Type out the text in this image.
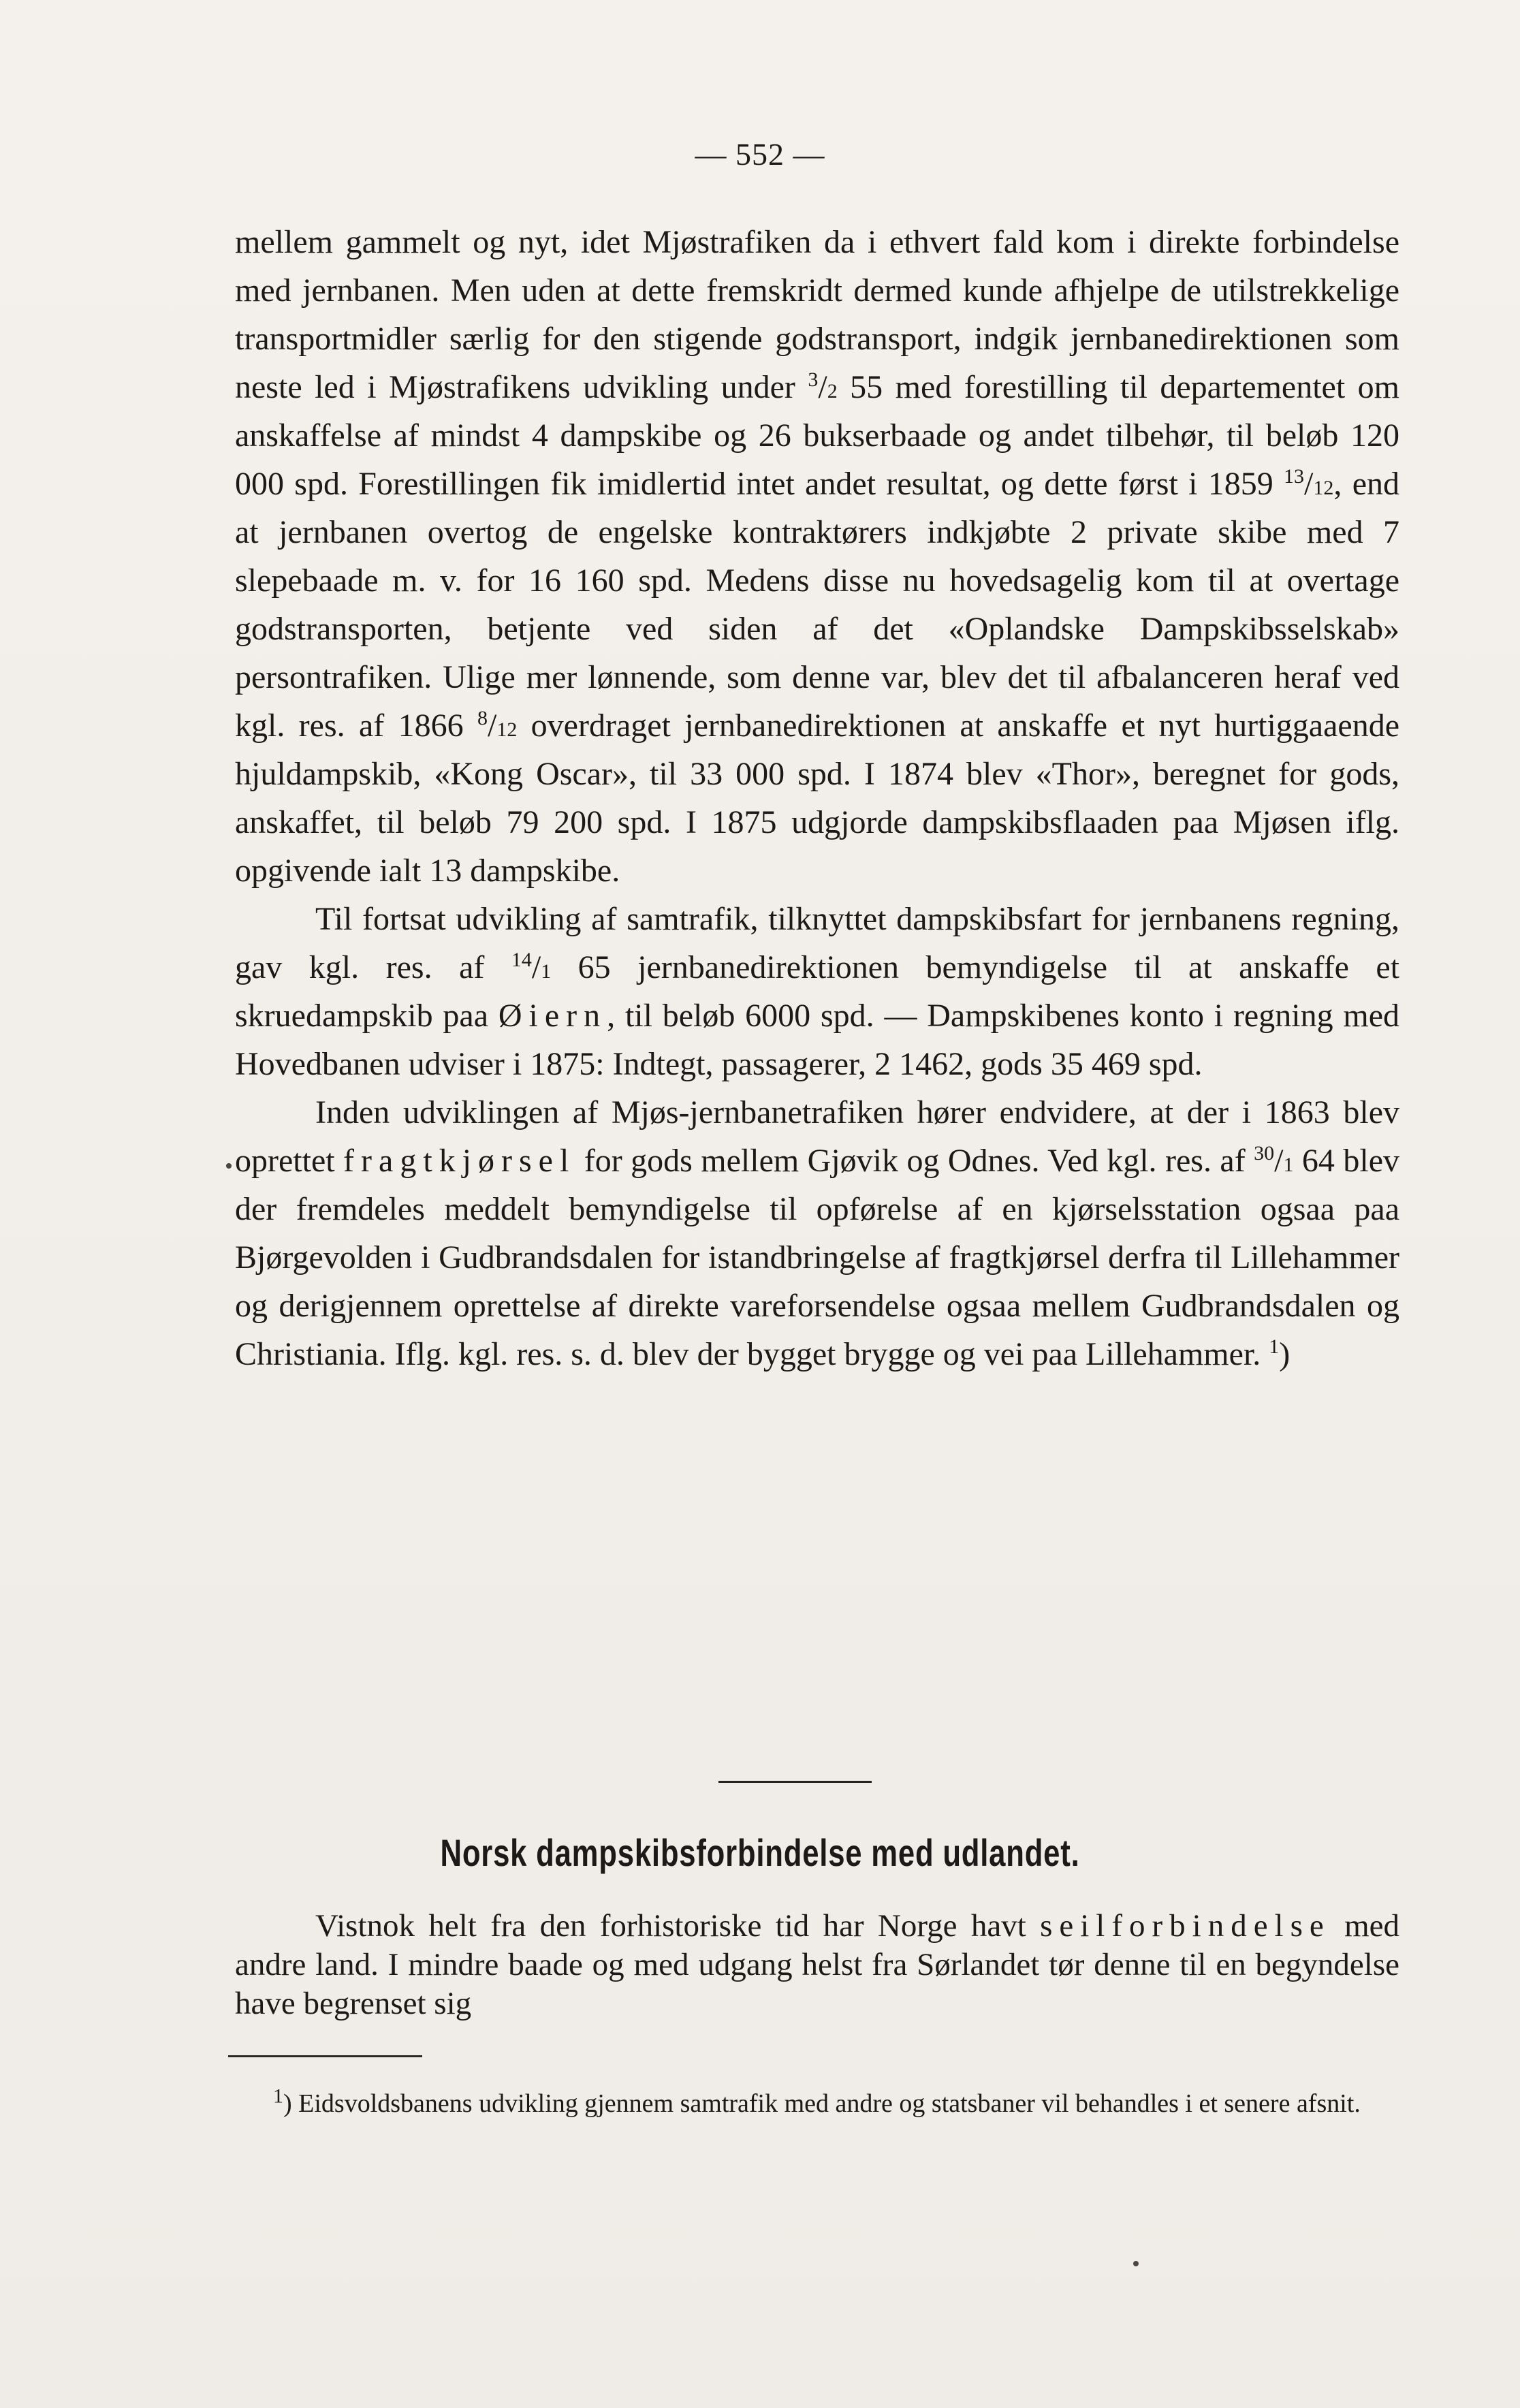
— 552 —

mellem gammelt og nyt, idet Mjøstrafiken da i ethvert fald kom i direkte forbindelse med jernbanen. Men uden at dette fremskridt dermed kunde afhjelpe de utilstrekkelige transportmidler særlig for den stigende godstransport, indgik jernbanedirektionen som neste led i Mjøstrafikens udvikling under $^3$/2 55 med forestilling til departementet om anskaffelse af mindst 4 dampskibe og 26 bukserbaade og andet tilbehør, til beløb 120 000 spd. Forestillingen fik imidlertid intet andet resultat, og dette først i 1859 $^{13}$/12, end at jernbanen overtog de engelske kontraktørers indkjøbte 2 private skibe med 7 slepebaade m. v. for 16 160 spd. Medens disse nu hovedsagelig kom til at overtage godstransporten, betjente ved siden af det «Oplandske Dampskibsselskab» persontrafiken. Ulige mer lønnende, som denne var, blev det til afbalanceren heraf ved kgl. res. af 1866 $^8$/12 overdraget jernbanedirektionen at anskaffe et nyt hurtiggaaende hjuldampskib, «Kong Oscar», til 33 000 spd. I 1874 blev «Thor», beregnet for gods, anskaffet, til beløb 79 200 spd. I 1875 udgjorde dampskibsflaaden paa Mjøsen iflg. opgivende ialt 13 dampskibe.

Til fortsat udvikling af samtrafik, tilknyttet dampskibsfart for jernbanens regning, gav kgl. res. af $^{14}$/1 65 jernbanedirektionen bemyndigelse til at anskaffe et skruedampskib paa Øiern, til beløb 6000 spd. — Dampskibenes konto i regning med Hovedbanen udviser i 1875: Indtegt, passagerer, 2 1462, gods 35 469 spd.

Inden udviklingen af Mjøs-jernbanetrafiken hører endvidere, at der i 1863 blev oprettet fragtkjørsel for gods mellem Gjøvik og Odnes. Ved kgl. res. af $^{30}$/1 64 blev der fremdeles meddelt bemyndigelse til opførelse af en kjørselsstation ogsaa paa Bjørgevolden i Gudbrandsdalen for istandbringelse af fragtkjørsel derfra til Lillehammer og derigjennem oprettelse af direkte vareforsendelse ogsaa mellem Gudbrandsdalen og Christiania. Iflg. kgl. res. s. d. blev der bygget brygge og vei paa Lillehammer. $^1$)

Norsk dampskibsforbindelse med udlandet.

Vistnok helt fra den forhistoriske tid har Norge havt seilforbindelse med andre land. I mindre baade og med udgang helst fra Sørlandet tør denne til en begyndelse have begrenset sig

$^1$) Eidsvoldsbanens udvikling gjennem samtrafik med andre og statsbaner vil behandles i et senere afsnit.
